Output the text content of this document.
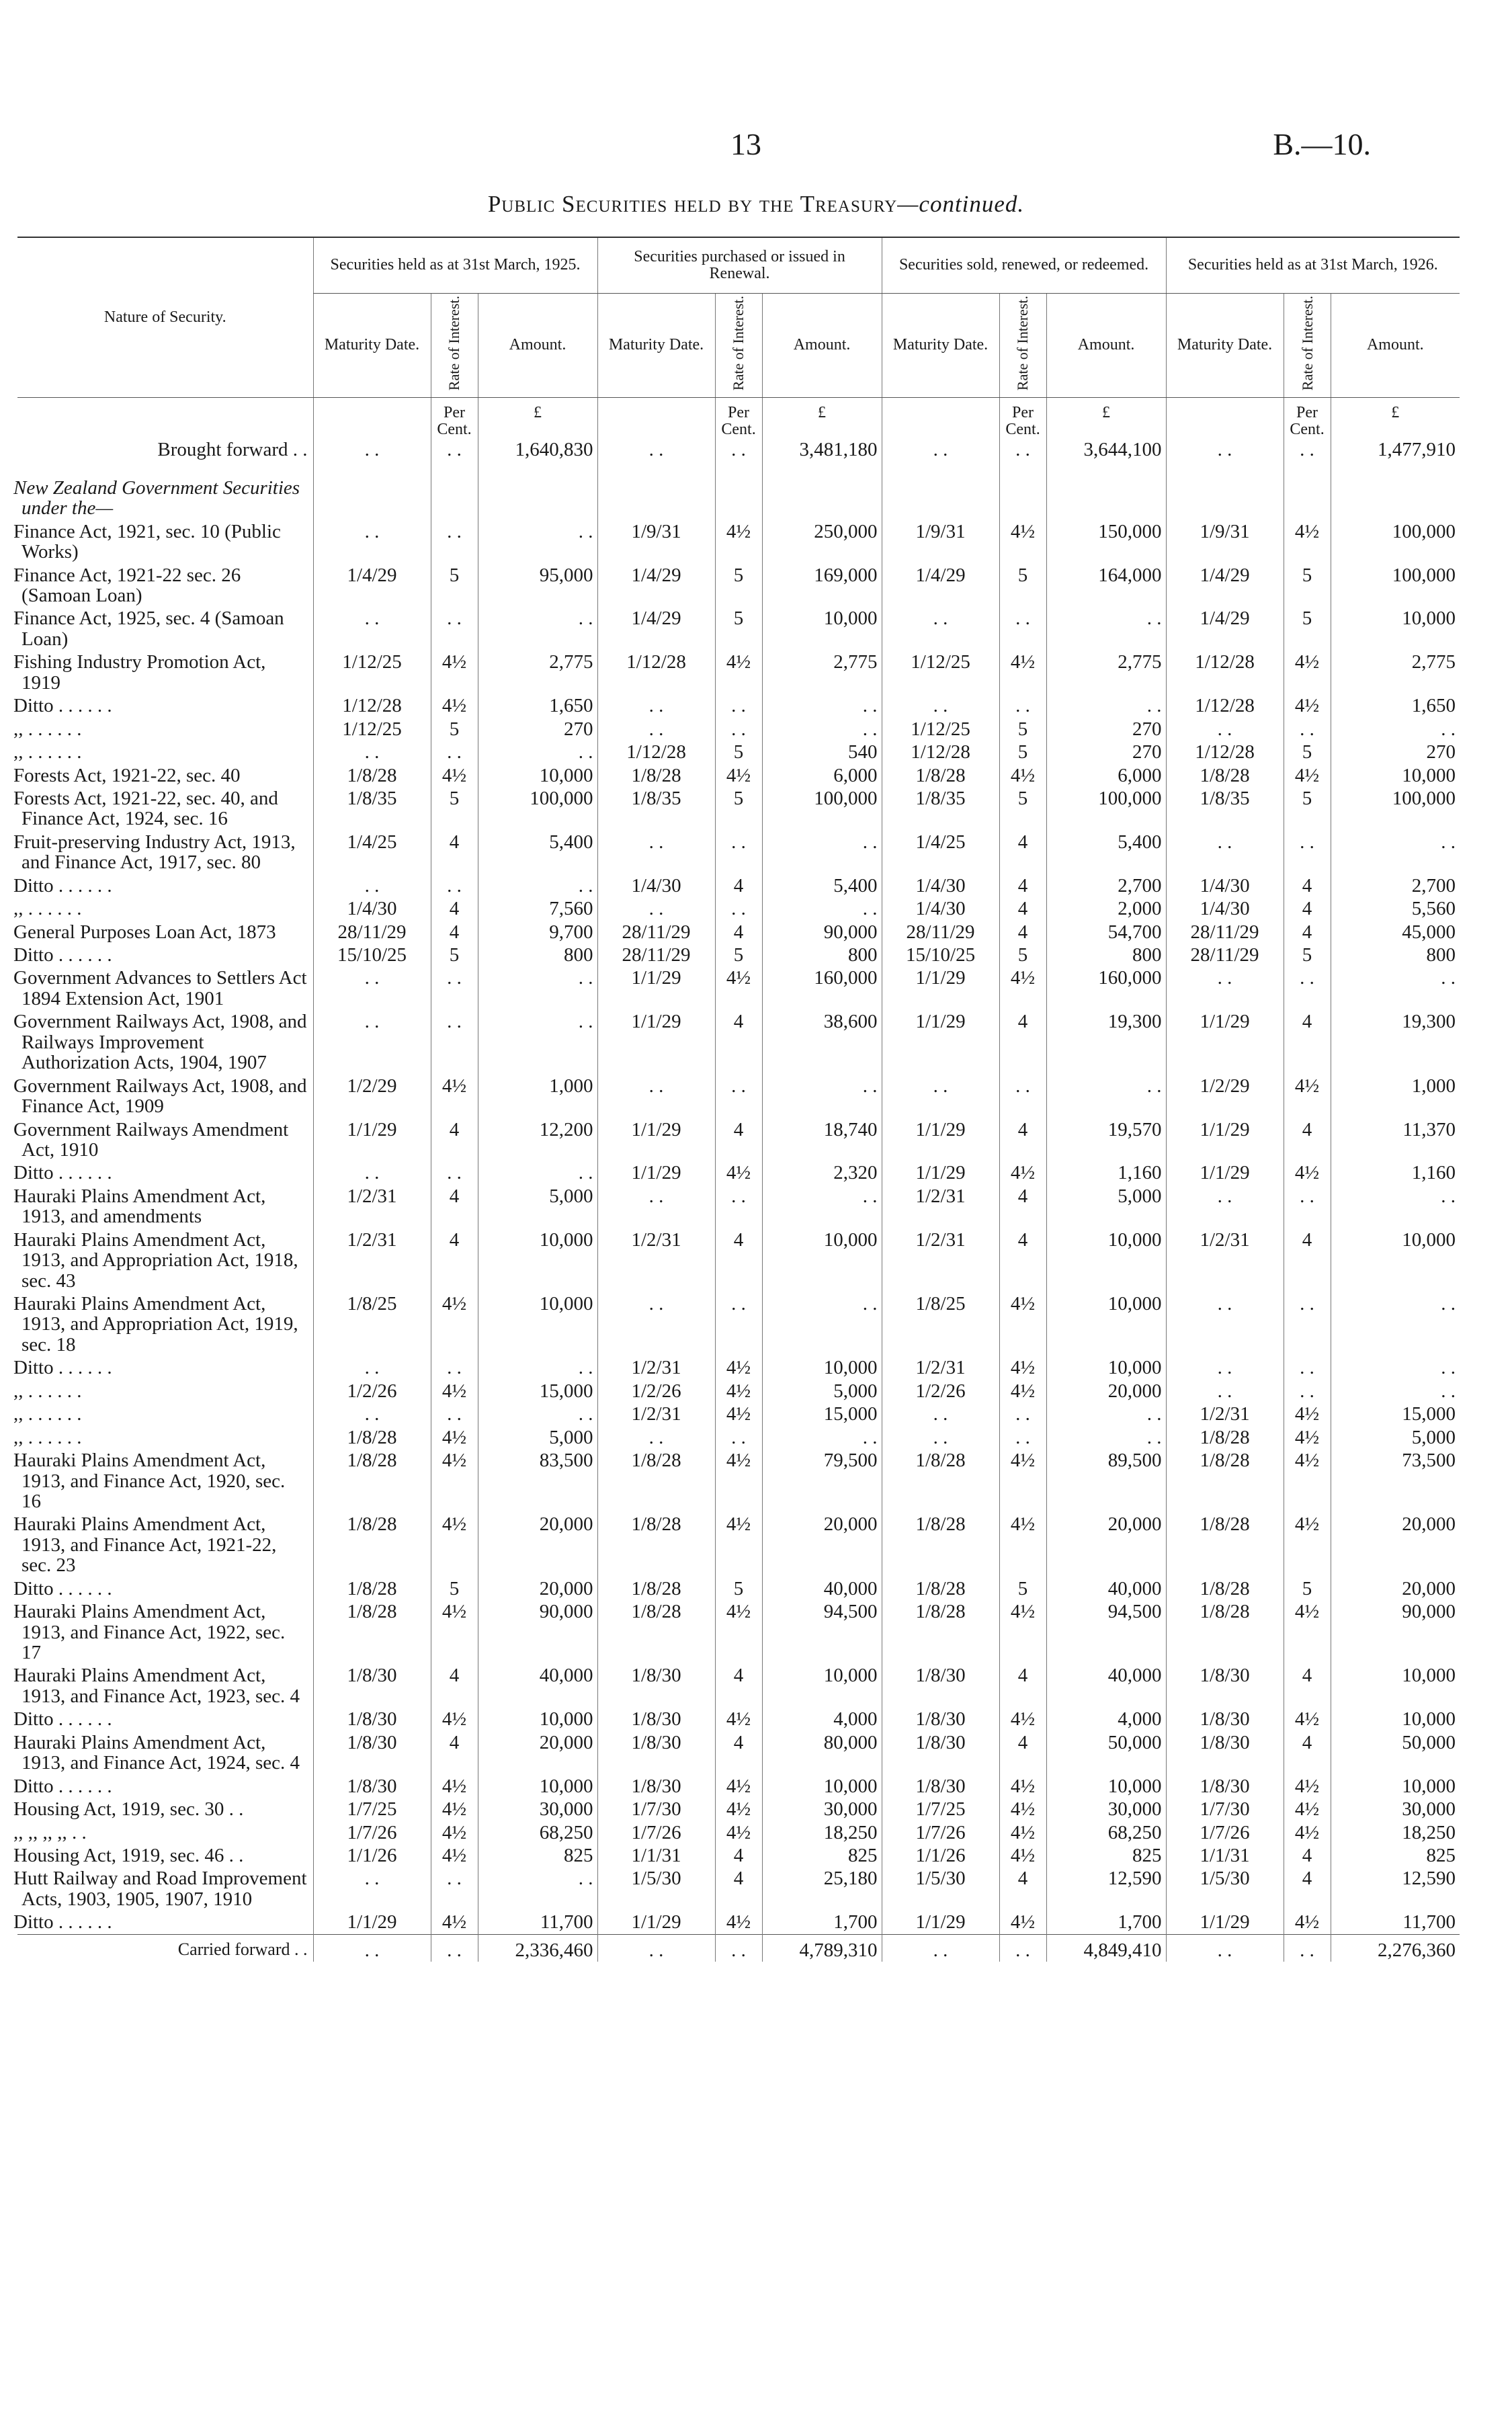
13	B.—10.
Public Securities held by the Treasury—continued.
Nature of Security.	Securities held as at 31st March, 1925.			Securities purchased or issued in Renewal.			Securities sold, renewed, or redeemed.			Securities held as at 31st March, 1926.		
	Maturity Date.	Rate of Interest.	Amount.	Maturity Date.	Rate of Interest.	Amount.	Maturity Date.	Rate of Interest.	Amount.	Maturity Date.	Rate of Interest.	Amount.
		Per Cent.	£		Per Cent.	£		Per Cent.	£		Per Cent.	£
Brought forward . .	. .	. .	1,640,830	. .	. .	3,481,180	. .	. .	3,644,100	. .	. .	1,477,910
New Zealand Government Securities under the—												
Finance Act, 1921, sec. 10 (Public Works)	. .	. .	. .	1/9/31	4½	250,000	1/9/31	4½	150,000	1/9/31	4½	100,000
Finance Act, 1921-22 sec. 26 (Samoan Loan)	1/4/29	5	95,000	1/4/29	5	169,000	1/4/29	5	164,000	1/4/29	5	100,000
Finance Act, 1925, sec. 4 (Samoan Loan)	. .	. .	. .	1/4/29	5	10,000	. .	. .	. .	1/4/29	5	10,000
Fishing Industry Promotion Act, 1919	1/12/25	4½	2,775	1/12/28	4½	2,775	1/12/25	4½	2,775	1/12/28	4½	2,775
Ditto . . . . . .	1/12/28	4½	1,650	. .	. .	. .	. .	. .	. .	1/12/28	4½	1,650
,, . . . . . .	1/12/25	5	270	. .	. .	. .	1/12/25	5	270	. .	. .	. .
,, . . . . . .	. .	. .	. .	1/12/28	5	540	1/12/28	5	270	1/12/28	5	270
Forests Act, 1921-22, sec. 40	1/8/28	4½	10,000	1/8/28	4½	6,000	1/8/28	4½	6,000	1/8/28	4½	10,000
Forests Act, 1921-22, sec. 40, and Finance Act, 1924, sec. 16	1/8/35	5	100,000	1/8/35	5	100,000	1/8/35	5	100,000	1/8/35	5	100,000
Fruit-preserving Industry Act, 1913, and Finance Act, 1917, sec. 80	1/4/25	4	5,400	. .	. .	. .	1/4/25	4	5,400	. .	. .	. .
Ditto . . . . . .	. .	. .	. .	1/4/30	4	5,400	1/4/30	4	2,700	1/4/30	4	2,700
,, . . . . . .	1/4/30	4	7,560	. .	. .	. .	1/4/30	4	2,000	1/4/30	4	5,560
General Purposes Loan Act, 1873	28/11/29	4	9,700	28/11/29	4	90,000	28/11/29	4	54,700	28/11/29	4	45,000
Ditto . . . . . .	15/10/25	5	800	28/11/29	5	800	15/10/25	5	800	28/11/29	5	800
Government Advances to Settlers Act 1894 Extension Act, 1901	. .	. .	. .	1/1/29	4½	160,000	1/1/29	4½	160,000	. .	. .	. .
Government Railways Act, 1908, and Railways Improvement Authorization Acts, 1904, 1907	. .	. .	. .	1/1/29	4	38,600	1/1/29	4	19,300	1/1/29	4	19,300
Government Railways Act, 1908, and Finance Act, 1909	1/2/29	4½	1,000	. .	. .	. .	. .	. .	. .	1/2/29	4½	1,000
Government Railways Amendment Act, 1910	1/1/29	4	12,200	1/1/29	4	18,740	1/1/29	4	19,570	1/1/29	4	11,370
Ditto . . . . . .	. .	. .	. .	1/1/29	4½	2,320	1/1/29	4½	1,160	1/1/29	4½	1,160
Hauraki Plains Amendment Act, 1913, and amendments	1/2/31	4	5,000	. .	. .	. .	1/2/31	4	5,000	. .	. .	. .
Hauraki Plains Amendment Act, 1913, and Appropriation Act, 1918, sec. 43	1/2/31	4	10,000	1/2/31	4	10,000	1/2/31	4	10,000	1/2/31	4	10,000
Hauraki Plains Amendment Act, 1913, and Appropriation Act, 1919, sec. 18	1/8/25	4½	10,000	. .	. .	. .	1/8/25	4½	10,000	. .	. .	. .
Ditto . . . . . .	. .	. .	. .	1/2/31	4½	10,000	1/2/31	4½	10,000	. .	. .	. .
,, . . . . . .	1/2/26	4½	15,000	1/2/26	4½	5,000	1/2/26	4½	20,000	. .	. .	. .
,, . . . . . .	. .	. .	. .	1/2/31	4½	15,000	. .	. .	. .	1/2/31	4½	15,000
,, . . . . . .	1/8/28	4½	5,000	. .	. .	. .	. .	. .	. .	1/8/28	4½	5,000
Hauraki Plains Amendment Act, 1913, and Finance Act, 1920, sec. 16	1/8/28	4½	83,500	1/8/28	4½	79,500	1/8/28	4½	89,500	1/8/28	4½	73,500
Hauraki Plains Amendment Act, 1913, and Finance Act, 1921-22, sec. 23	1/8/28	4½	20,000	1/8/28	4½	20,000	1/8/28	4½	20,000	1/8/28	4½	20,000
Ditto . . . . . .	1/8/28	5	20,000	1/8/28	5	40,000	1/8/28	5	40,000	1/8/28	5	20,000
Hauraki Plains Amendment Act, 1913, and Finance Act, 1922, sec. 17	1/8/28	4½	90,000	1/8/28	4½	94,500	1/8/28	4½	94,500	1/8/28	4½	90,000
Hauraki Plains Amendment Act, 1913, and Finance Act, 1923, sec. 4	1/8/30	4	40,000	1/8/30	4	10,000	1/8/30	4	40,000	1/8/30	4	10,000
Ditto . . . . . .	1/8/30	4½	10,000	1/8/30	4½	4,000	1/8/30	4½	4,000	1/8/30	4½	10,000
Hauraki Plains Amendment Act, 1913, and Finance Act, 1924, sec. 4	1/8/30	4	20,000	1/8/30	4	80,000	1/8/30	4	50,000	1/8/30	4	50,000
Ditto . . . . . .	1/8/30	4½	10,000	1/8/30	4½	10,000	1/8/30	4½	10,000	1/8/30	4½	10,000
Housing Act, 1919, sec. 30 . .	1/7/25	4½	30,000	1/7/30	4½	30,000	1/7/25	4½	30,000	1/7/30	4½	30,000
,, ,, ,, ,, . .	1/7/26	4½	68,250	1/7/26	4½	18,250	1/7/26	4½	68,250	1/7/26	4½	18,250
Housing Act, 1919, sec. 46 . .	1/1/26	4½	825	1/1/31	4	825	1/1/26	4½	825	1/1/31	4	825
Hutt Railway and Road Improvement Acts, 1903, 1905, 1907, 1910	. .	. .	. .	1/5/30	4	25,180	1/5/30	4	12,590	1/5/30	4	12,590
Ditto . . . . . .	1/1/29	4½	11,700	1/1/29	4½	1,700	1/1/29	4½	1,700	1/1/29	4½	11,700
Carried forward . .	. .	. .	2,336,460	. .	. .	4,789,310	. .	. .	4,849,410	. .	. .	2,276,360
